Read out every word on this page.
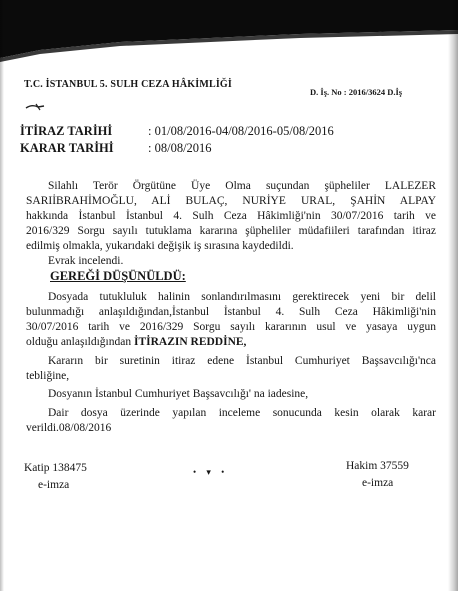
T.C. İSTANBUL 5. SULH CEZA HÂKİMLİĞİ
D. İş. No : 2016/3624 D.İş
İTİRAZ TARİHİ	: 01/08/2016-04/08/2016-05/08/2016
KARAR TARİHİ	: 08/08/2016
Silahlı Terör Örgütüne Üye Olma suçundan şüpheliler LALEZER
SARIİBRAHİMOĞLU, ALİ BULAÇ, NURİYE URAL, ŞAHİN ALPAY
hakkında İstanbul İstanbul 4. Sulh Ceza Hâkimliği'nin 30/07/2016 tarih ve
2016/329 Sorgu sayılı tutuklama kararına şüpheliler müdafiileri tarafından itiraz
edilmiş olmakla, yukarıdaki değişik iş sırasına kaydedildi.
Evrak incelendi.
GEREĞİ DÜŞÜNÜLDÜ:
Dosyada tutukluluk halinin sonlandırılmasını gerektirecek yeni bir delil
bulunmadığı anlaşıldığından,İstanbul İstanbul 4. Sulh Ceza Hâkimliği'nin
30/07/2016 tarih ve 2016/329 Sorgu sayılı kararının usul ve yasaya uygun
olduğu anlaşıldığından İTİRAZIN REDDİNE,
Kararın bir suretinin itiraz edene İstanbul Cumhuriyet Başsavcılığı'nca
tebliğine,
Dosyanın İstanbul Cumhuriyet Başsavcılığı' na iadesine,
Dair dosya üzerinde yapılan inceleme sonucunda kesin olarak karar
verildi.08/08/2016
Katip 138475
e-imza
• ▾ •	Hakim 37559
e-imza
